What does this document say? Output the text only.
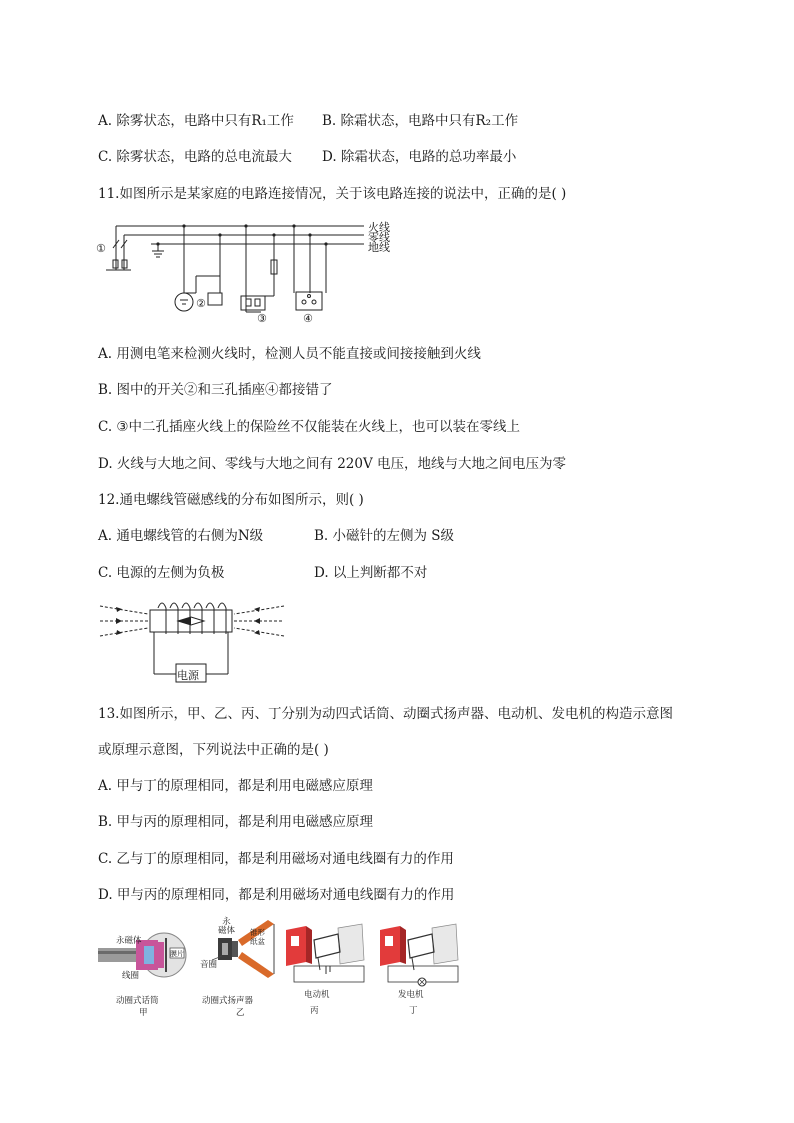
A. 除雾状态，电路中只有R₁工作 B. 除霜状态，电路中只有R₂工作
C. 除雾状态，电路的总电流最大 D. 除霜状态，电路的总功率最小
11.如图所示是某家庭的电路连接情况，关于该电路连接的说法中，正确的是( )
火线
零线
地线
①
②
③	④
A. 用测电笔来检测火线时，检测人员不能直接或间接接触到火线
B. 图中的开关②和三孔插座④都接错了
C. ③中二孔插座火线上的保险丝不仅能装在火线上，也可以装在零线上
D. 火线与大地之间、零线与大地之间有 220V 电压，地线与大地之间电压为零
12.通电螺线管磁感线的分布如图所示，则( )
A. 通电螺线管的右侧为N级	B. 小磁针的左侧为 S级
C. 电源的左侧为负极	D. 以上判断都不对
电源
13.如图所示，甲、乙、丙、丁分别为动四式话筒、动圈式扬声器、电动机、发电机的构造示意图
或原理示意图，下列说法中正确的是( )
A. 甲与丁的原理相同，都是利用电磁感应原理
B. 甲与丙的原理相同，都是利用电磁感应原理
C. 乙与丁的原理相同，都是利用磁场对通电线圈有力的作用
D. 甲与丙的原理相同，都是利用磁场对通电线圈有力的作用
永磁体
线圈
膜片
动圈式话筒
甲
永
磁体 锥形
纸盆
音圈
动圈式扬声器
乙
电动机
丙
发电机
丁
